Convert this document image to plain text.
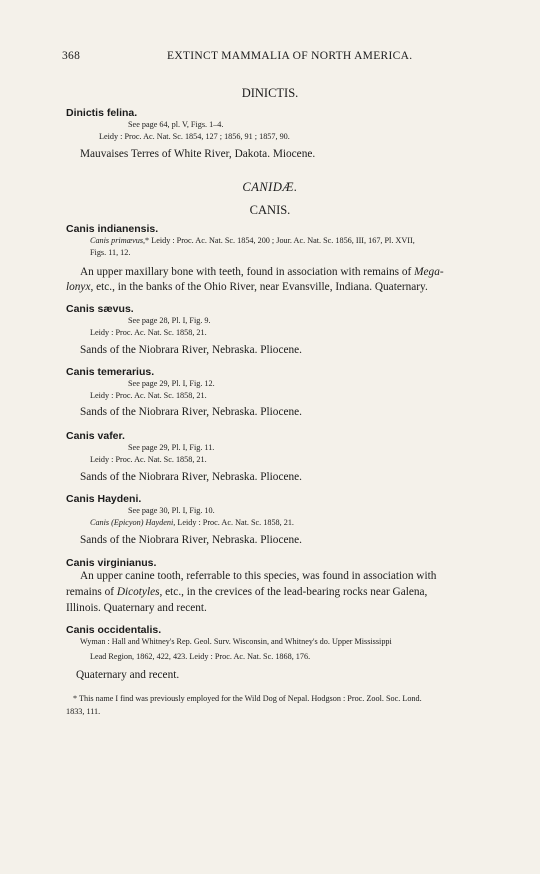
368	EXTINCT MAMMALIA OF NORTH AMERICA.
DINICTIS.
Dinictis felina.
See page 64, pl. V, Figs. 1–4.
Leidy : Proc. Ac. Nat. Sc. 1854, 127 ; 1856, 91 ; 1857, 90.
Mauvaises Terres of White River, Dakota. Miocene.
CANIDÆ.
CANIS.
Canis indianensis.
Canis primævus,* Leidy : Proc. Ac. Nat. Sc. 1854, 200 ; Jour. Ac. Nat. Sc. 1856, III, 167, Pl. XVII,
Figs. 11, 12.
An upper maxillary bone with teeth, found in association with remains of Mega-
lonyx, etc., in the banks of the Ohio River, near Evansville, Indiana. Quaternary.
Canis sævus.
See page 28, Pl. I, Fig. 9.
Leidy : Proc. Ac. Nat. Sc. 1858, 21.
Sands of the Niobrara River, Nebraska. Pliocene.
Canis temerarius.
See page 29, Pl. I, Fig. 12.
Leidy : Proc. Ac. Nat. Sc. 1858, 21.
Sands of the Niobrara River, Nebraska. Pliocene.
Canis vafer.
See page 29, Pl. I, Fig. 11.
Leidy : Proc. Ac. Nat. Sc. 1858, 21.
Sands of the Niobrara River, Nebraska. Pliocene.
Canis Haydeni.
See page 30, Pl. I, Fig. 10.
Canis (Epicyon) Haydeni, Leidy : Proc. Ac. Nat. Sc. 1858, 21.
Sands of the Niobrara River, Nebraska. Pliocene.
Canis virginianus.
An upper canine tooth, referrable to this species, was found in association with
remains of Dicotyles, etc., in the crevices of the lead-bearing rocks near Galena,
Illinois. Quaternary and recent.
Canis occidentalis.
Wyman : Hall and Whitney's Rep. Geol. Surv. Wisconsin, and Whitney's do. Upper Mississippi
Lead Region, 1862, 422, 423. Leidy : Proc. Ac. Nat. Sc. 1868, 176.
Quaternary and recent.
* This name I find was previously employed for the Wild Dog of Nepal. Hodgson : Proc. Zool. Soc. Lond.
1833, 111.
